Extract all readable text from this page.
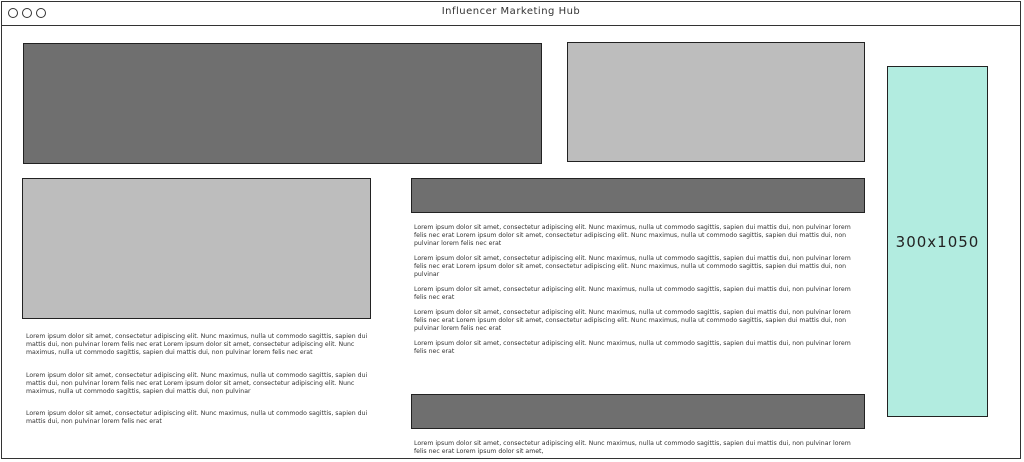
Influencer Marketing Hub
300x1050

Lorem ipsum dolor sit amet, consectetur adipiscing elit. Nunc maximus, nulla ut commodo sagittis, sapien dui mattis dui, non pulvinar lorem felis nec erat Lorem ipsum dolor sit amet, consectetur adipiscing elit. Nunc maximus, nulla ut commodo sagittis, sapien dui mattis dui, non pulvinar lorem felis nec erat

Lorem ipsum dolor sit amet, consectetur adipiscing elit. Nunc maximus, nulla ut commodo sagittis, sapien dui mattis dui, non pulvinar lorem felis nec erat Lorem ipsum dolor sit amet, consectetur adipiscing elit. Nunc maximus, nulla ut commodo sagittis, sapien dui mattis dui, non pulvinar

Lorem ipsum dolor sit amet, consectetur adipiscing elit. Nunc maximus, nulla ut commodo sagittis, sapien dui mattis dui, non pulvinar lorem felis nec erat

Lorem ipsum dolor sit amet, consectetur adipiscing elit. Nunc maximus, nulla ut commodo sagittis, sapien dui mattis dui, non pulvinar lorem felis nec erat Lorem ipsum dolor sit amet, consectetur adipiscing elit. Nunc maximus, nulla ut commodo sagittis, sapien dui mattis dui, non pulvinar lorem felis nec erat

Lorem ipsum dolor sit amet, consectetur adipiscing elit. Nunc maximus, nulla ut commodo sagittis, sapien dui mattis dui, non pulvinar lorem felis nec erat Lorem ipsum dolor sit amet, consectetur adipiscing elit. Nunc maximus, nulla ut commodo sagittis, sapien dui mattis dui, non pulvinar

Lorem ipsum dolor sit amet, consectetur adipiscing elit. Nunc maximus, nulla ut commodo sagittis, sapien dui mattis dui, non pulvinar lorem felis nec erat

Lorem ipsum dolor sit amet, consectetur adipiscing elit. Nunc maximus, nulla ut commodo sagittis, sapien dui mattis dui, non pulvinar lorem felis nec erat Lorem ipsum dolor sit amet, consectetur adipiscing elit. Nunc maximus, nulla ut commodo sagittis, sapien dui mattis dui, non pulvinar lorem felis nec erat

Lorem ipsum dolor sit amet, consectetur adipiscing elit. Nunc maximus, nulla ut commodo sagittis, sapien dui mattis dui, non pulvinar lorem felis nec erat

Lorem ipsum dolor sit amet, consectetur adipiscing elit. Nunc maximus, nulla ut commodo sagittis, sapien dui mattis dui, non pulvinar lorem felis nec erat Lorem ipsum dolor sit amet,
